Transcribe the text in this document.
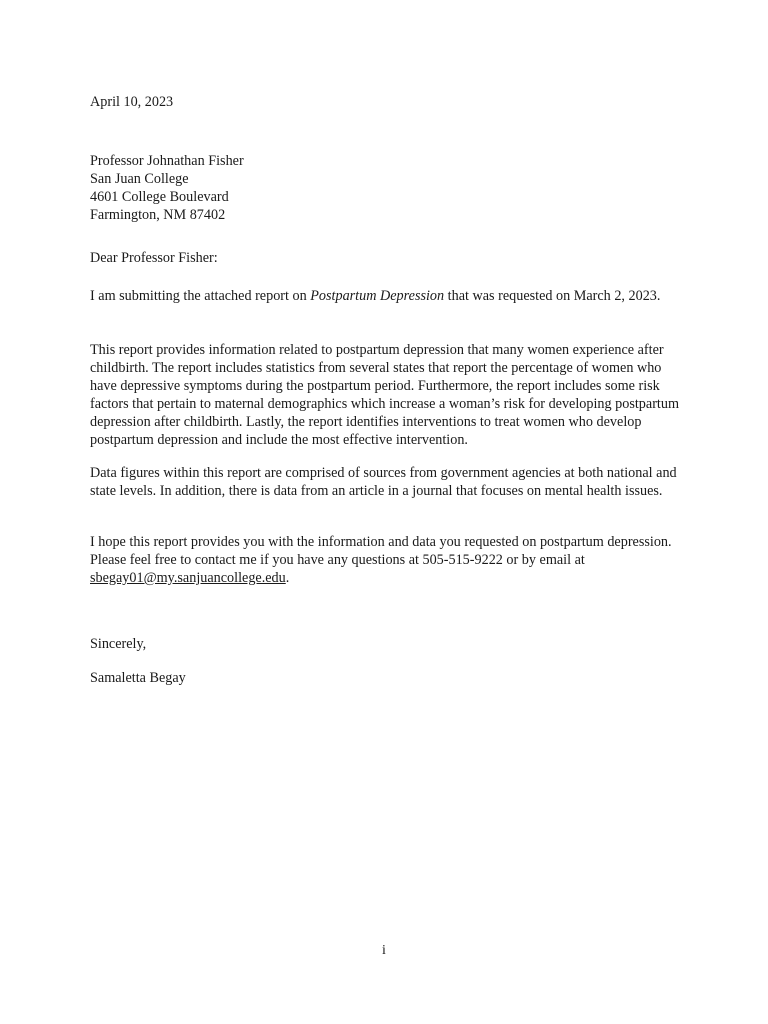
April 10, 2023

Professor Johnathan Fisher
San Juan College
4601 College Boulevard
Farmington, NM 87402

Dear Professor Fisher:

I am submitting the attached report on Postpartum Depression that was requested on March 2, 2023.

This report provides information related to postpartum depression that many women experience after childbirth. The report includes statistics from several states that report the percentage of women who have depressive symptoms during the postpartum period. Furthermore, the report includes some risk factors that pertain to maternal demographics which increase a woman’s risk for developing postpartum depression after childbirth. Lastly, the report identifies interventions to treat women who develop postpartum depression and include the most effective intervention.

Data figures within this report are comprised of sources from government agencies at both national and state levels. In addition, there is data from an article in a journal that focuses on mental health issues.

I hope this report provides you with the information and data you requested on postpartum depression. Please feel free to contact me if you have any questions at 505-515-9222 or by email at sbegay01@my.sanjuancollege.edu.

Sincerely,

Samaletta Begay

i
